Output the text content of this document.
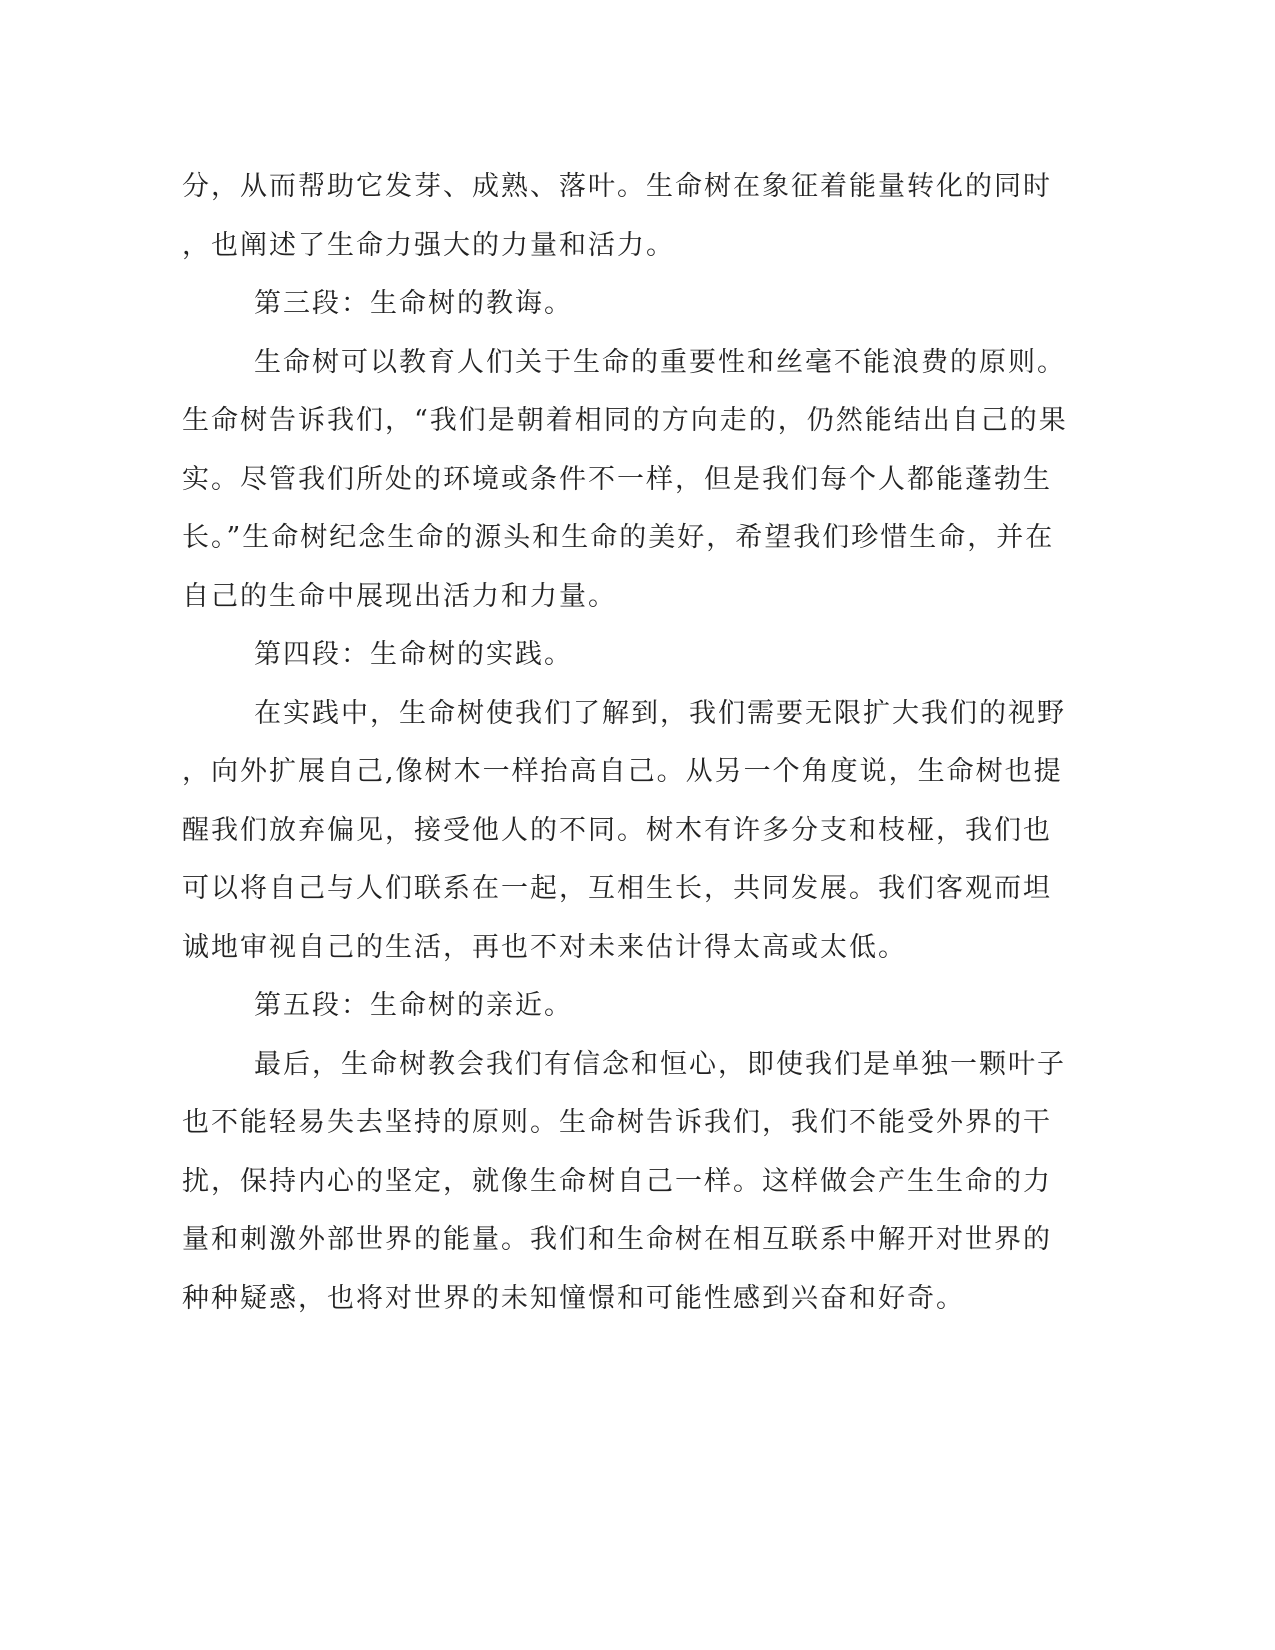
分，从而帮助它发芽、成熟、落叶。生命树在象征着能量转化的同时
，也阐述了生命力强大的力量和活力。
第三段：生命树的教诲。
生命树可以教育人们关于生命的重要性和丝毫不能浪费的原则。
生命树告诉我们，“我们是朝着相同的方向走的，仍然能结出自己的果
实。尽管我们所处的环境或条件不一样，但是我们每个人都能蓬勃生
长。”生命树纪念生命的源头和生命的美好，希望我们珍惜生命，并在
自己的生命中展现出活力和力量。
第四段：生命树的实践。
在实践中，生命树使我们了解到，我们需要无限扩大我们的视野
，向外扩展自己,像树木一样抬高自己。从另一个角度说，生命树也提
醒我们放弃偏见，接受他人的不同。树木有许多分支和枝桠，我们也
可以将自己与人们联系在一起，互相生长，共同发展。我们客观而坦
诚地审视自己的生活，再也不对未来估计得太高或太低。
第五段：生命树的亲近。
最后，生命树教会我们有信念和恒心，即使我们是单独一颗叶子
也不能轻易失去坚持的原则。生命树告诉我们，我们不能受外界的干
扰，保持内心的坚定，就像生命树自己一样。这样做会产生生命的力
量和刺激外部世界的能量。我们和生命树在相互联系中解开对世界的
种种疑惑，也将对世界的未知憧憬和可能性感到兴奋和好奇。
